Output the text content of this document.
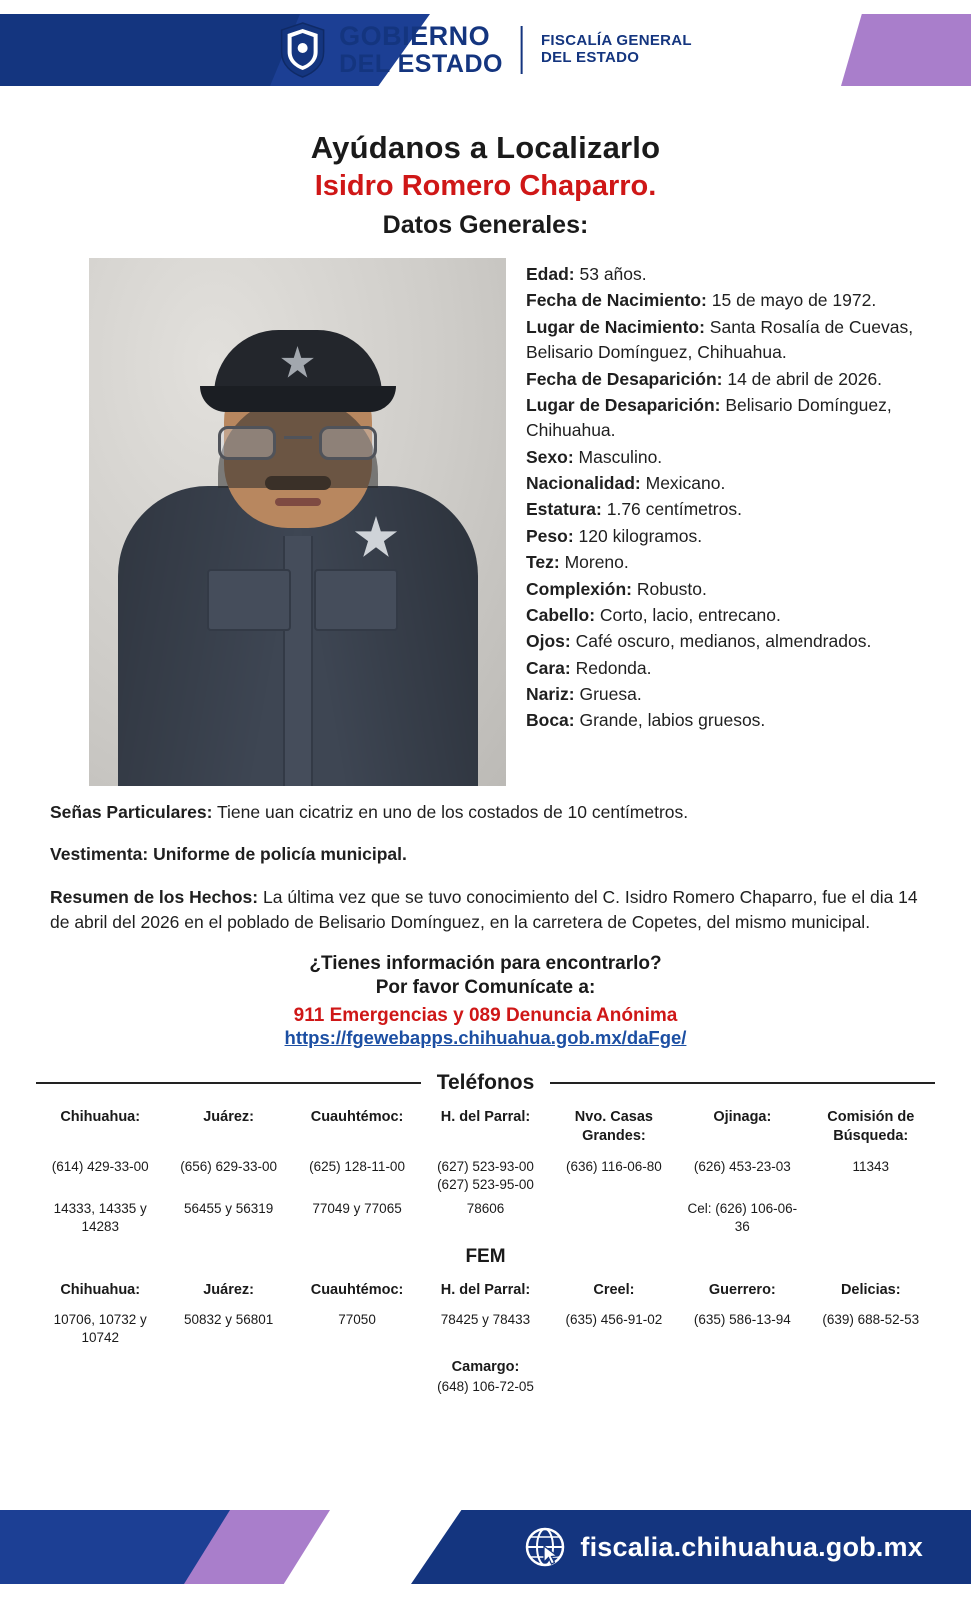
GOBIERNO
DEL ESTADO
FISCALÍA GENERAL
DEL ESTADO
Ayúdanos a Localizarlo
Isidro Romero Chaparro.
Datos Generales:
Edad: 53 años.
Fecha de Nacimiento: 15 de mayo de 1972.
Lugar de Nacimiento: Santa Rosalía de Cuevas, Belisario Domínguez, Chihuahua.
Fecha de Desaparición: 14 de abril de 2026.
Lugar de Desaparición: Belisario Domínguez, Chihuahua.
Sexo: Masculino.
Nacionalidad: Mexicano.
Estatura: 1.76 centímetros.
Peso: 120 kilogramos.
Tez: Moreno.
Complexión: Robusto.
Cabello: Corto, lacio, entrecano.
Ojos: Café oscuro, medianos, almendrados.
Cara: Redonda.
Nariz: Gruesa.
Boca: Grande, labios gruesos.

Señas Particulares: Tiene uan cicatriz en uno de los costados de 10 centímetros.

Vestimenta: Uniforme de policía municipal.

Resumen de los Hechos: La última vez que se tuvo conocimiento del C. Isidro Romero Chaparro, fue el dia 14 de abril del 2026 en el poblado de Belisario Domínguez, en la carretera de Copetes, del mismo municipal.

¿Tienes información para encontrarlo?
Por favor Comunícate a:
911 Emergencias y 089 Denuncia Anónima
https://fgewebapps.chihuahua.gob.mx/daFge/
Teléfonos
Chihuahua:	Juárez:	Cuauhtémoc:	H. del Parral:	Nvo. Casas Grandes:	Ojinaga:	Comisión de Búsqueda:
(614) 429-33-00	(656) 629-33-00	(625) 128-11-00	(627) 523-93-00 (627) 523-95-00	(636) 116-06-80	(626) 453-23-03	11343
14333, 14335 y 14283	56455 y 56319	77049 y 77065	78606		Cel: (626) 106-06-36	
FEM
Chihuahua:	Juárez:	Cuauhtémoc:	H. del Parral:	Creel:	Guerrero:	Delicias:
10706, 10732 y 10742	50832 y 56801	77050	78425 y 78433	(635) 456-91-02	(635) 586-13-94	(639) 688-52-53
Camargo:
(648) 106-72-05
fiscalia.chihuahua.gob.mx
